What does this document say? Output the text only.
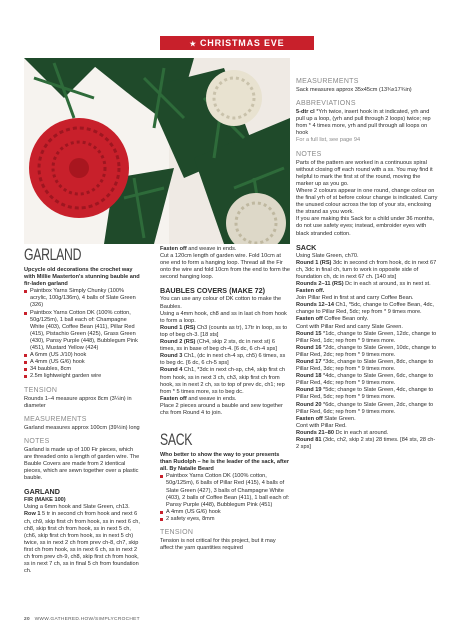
★ CHRISTMAS EVE
GARLAND

Upcycle old decorations the crochet way with Millie Masterton's stunning bauble and fir-laden garland

Paintbox Yarns Simply Chunky (100% acrylic, 100g/136m), 4 balls of Slate Green (326)
Paintbox Yarns Cotton DK (100% cotton, 50g/125m), 1 ball each of: Champagne White (403), Coffee Bean (411), Pillar Red (415), Pistachio Green (425), Grass Green (430), Pansy Purple (448), Bubblegum Pink (451), Mustard Yellow (424)
A 6mm (US J/10) hook
A 4mm (US G/6) hook
34 baubles, 8cm
2.5m lightweight garden wire
TENSION

Rounds 1–4 measure approx 8cm (3¼in) in diameter

MEASUREMENTS

Garland measures approx 100cm (39½in) long

NOTES

Garland is made up of 100 Fir pieces, which are threaded onto a length of garden wire. The Bauble Covers are made from 2 identical pieces, which are sewn together over a plastic bauble.

GARLAND

FIR (MAKE 100)

Using a 6mm hook and Slate Green, ch13.

Row 1 5 tr in second ch from hook and next 6 ch, ch9, skip first ch from hook, ss in next 6 ch, ch8, skip first ch from hook, ss in next 5 ch, (ch6, skip first ch from hook, ss in next 5 ch) twice, ss in next 2 ch from prev ch-8, ch7, skip first ch from hook, ss in next 6 ch, ss in next 2 ch from prev ch-9, ch8, skip first ch from hook, ss in next 7 ch, ss in final 5 ch from foundation ch.

Fasten off and weave in ends.

Cut a 120cm length of garden wire. Fold 10cm at one end to form a hanging loop. Thread all the Fir onto the wire and fold 10cm from the end to form the second hanging loop.

BAUBLES COVERS (MAKE 72)

You can use any colour of DK cotton to make the Baubles.

Using a 4mm hook, ch8 and ss in last ch from hook to form a loop.

Round 1 (RS) Ch3 (counts as tr), 17tr in loop, ss to top of beg ch-3. [18 sts]

Round 2 (RS) (Ch4, skip 2 sts, dc in next st) 6 times, ss in base of beg ch-4. [6 dc, 6 ch-4 sps]

Round 3 Ch1, (dc in next ch-4 sp, ch5) 6 times, ss to beg dc. [6 dc, 6 ch-5 sps]

Round 4 Ch1, *3dc in next ch-sp, ch4, skip first ch from hook, ss in next 3 ch, ch3, skip first ch from hook, ss in next 2 ch, ss to top of prev dc, ch1; rep from * 5 times more, ss to beg dc.

Fasten off and weave in ends.

Place 2 pieces around a bauble and sew together chs from Round 4 to join.

SACK

Who better to show the way to your presents than Rudolph – he is the leader of the sack, after all. By Natalie Beard

Paintbox Yarns Cotton DK (100% cotton, 50g/125m), 6 balls of Pillar Red (415), 4 balls of Slate Green (427), 3 balls of Champagne White (403), 2 balls of Coffee Bean (411), 1 ball each of: Pansy Purple (448), Bubblegum Pink (451)
A 4mm (US G/6) hook
2 safety eyes, 8mm
TENSION

Tension is not critical for this project, but it may affect the yarn quantities required

MEASUREMENTS

Sack measures approx 35x45cm (13¾x17¾in)

ABBREVIATIONS

5-dtr cl *Yrh twice, insert hook in st indicated, yrh and pull up a loop, (yrh and pull through 2 loops) twice; rep from * 4 times more, yrh and pull through all loops on hook

For a full list, see page 94

NOTES

Parts of the pattern are worked in a continuous spiral without closing off each round with a ss. You may find it helpful to mark the first st of the round, moving the marker up as you go.

Where 2 colours appear in one round, change colour on the final yrh of st before colour change is indicated. Carry the unused colour across the top of your sts, enclosing the strand as you work.

If you are making this Sack for a child under 36 months, do not use safety eyes; instead, embroider eyes with black stranded cotton.

SACK

Using Slate Green, ch70.

Round 1 (RS) 3dc in second ch from hook, dc in next 67 ch, 3dc in final ch, turn to work in opposite side of foundation ch, dc in next 67 ch. [140 sts]

Rounds 2–11 (RS) Dc in each st around, ss in next st.

Fasten off.

Join Pillar Red in first st and carry Coffee Bean.

Rounds 12–14 Ch1, *5dc, change to Coffee Bean, 4dc, change to Pillar Red, 5dc; rep from * 9 times more.

Fasten off Coffee Bean only.

Cont with Pillar Red and carry Slate Green.

Round 15 *1dc, change to Slate Green, 12dc, change to Pillar Red, 1dc; rep from * 9 times more.

Round 16 *2dc, change to Slate Green, 10dc, change to Pillar Red, 2dc; rep from * 9 times more.

Round 17 *3dc, change to Slate Green, 8dc, change to Pillar Red, 3dc; rep from * 9 times more.

Round 18 *4dc, change to Slate Green, 6dc, change to Pillar Red, 4dc; rep from * 9 times more.

Round 19 *5dc; change to Slate Green, 4dc, change to Pillar Red, 5dc; rep from * 9 times more.

Round 20 *6dc, change to Slate Green, 2dc, change to Pillar Red, 6dc; rep from * 9 times more.

Fasten off Slate Green.

Cont with Pillar Red.

Rounds 21–80 Dc in each st around.

Round 81 (3dc, ch2, skip 2 sts) 28 times. [84 sts, 28 ch-2 sps]

20 WWW.GATHERED.HOW/SIMPLYCROCHET
